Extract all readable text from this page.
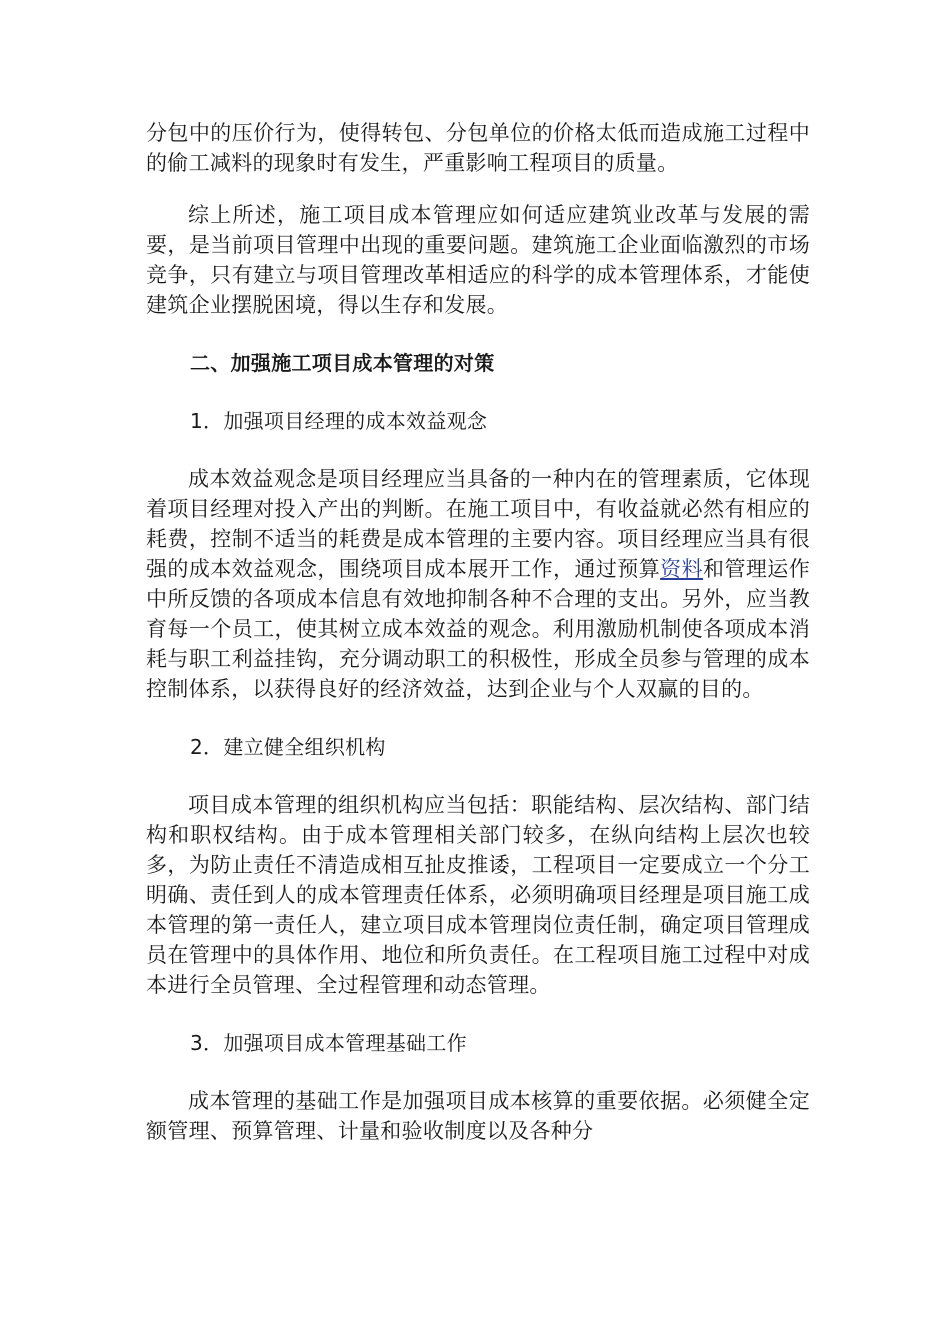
分包中的压价行为，使得转包、分包单位的价格太低而造成施工过程中的偷工减料的现象时有发生，严重影响工程项目的质量。

综上所述，施工项目成本管理应如何适应建筑业改革与发展的需要，是当前项目管理中出现的重要问题。建筑施工企业面临激烈的市场竞争，只有建立与项目管理改革相适应的科学的成本管理体系，才能使建筑企业摆脱困境，得以生存和发展。

二、加强施工项目成本管理的对策

1．加强项目经理的成本效益观念

成本效益观念是项目经理应当具备的一种内在的管理素质，它体现着项目经理对投入产出的判断。在施工项目中，有收益就必然有相应的耗费，控制不适当的耗费是成本管理的主要内容。项目经理应当具有很强的成本效益观念，围绕项目成本展开工作，通过预算资料和管理运作中所反馈的各项成本信息有效地抑制各种不合理的支出。另外，应当教育每一个员工，使其树立成本效益的观念。利用激励机制使各项成本消耗与职工利益挂钩，充分调动职工的积极性，形成全员参与管理的成本控制体系，以获得良好的经济效益，达到企业与个人双赢的目的。

2．建立健全组织机构

项目成本管理的组织机构应当包括：职能结构、层次结构、部门结构和职权结构。由于成本管理相关部门较多，在纵向结构上层次也较多，为防止责任不清造成相互扯皮推诿，工程项目一定要成立一个分工明确、责任到人的成本管理责任体系，必须明确项目经理是项目施工成本管理的第一责任人，建立项目成本管理岗位责任制，确定项目管理成员在管理中的具体作用、地位和所负责任。在工程项目施工过程中对成本进行全员管理、全过程管理和动态管理。

3．加强项目成本管理基础工作

成本管理的基础工作是加强项目成本核算的重要依据。必须健全定额管理、预算管理、计量和验收制度以及各种分
